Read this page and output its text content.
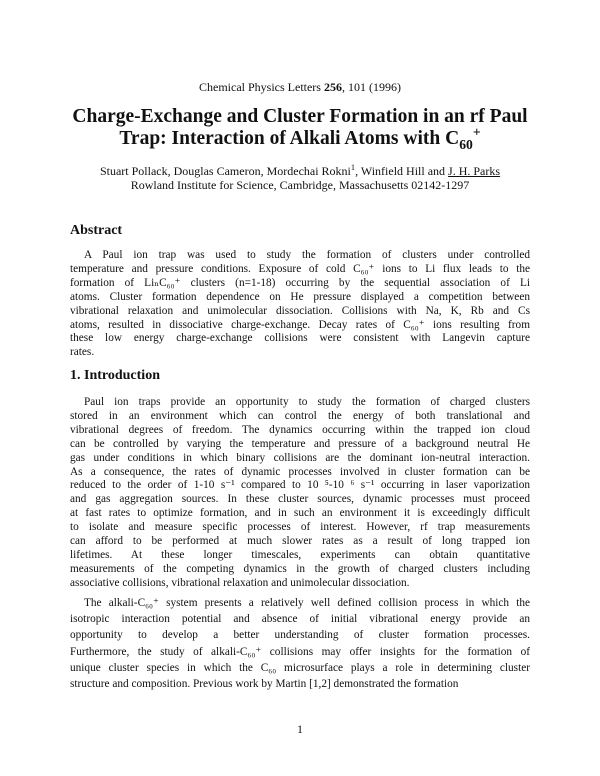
Chemical Physics Letters 256, 101 (1996)
Charge-Exchange and Cluster Formation in an rf Paul
Trap: Interaction of Alkali Atoms with $C_{60}^+$
Stuart Pollack, Douglas Cameron, Mordechai Rokni$^1$, Winfield Hill and J. H. Parks
Rowland Institute for Science, Cambridge, Massachusetts 02142-1297
Abstract
A Paul ion trap was used to study the formation of clusters under controlled
temperature and pressure conditions. Exposure of cold C₆₀⁺ ions to Li flux leads to the
formation of LiₙC₆₀⁺ clusters (n=1-18) occurring by the sequential association of Li
atoms. Cluster formation dependence on He pressure displayed a competition between
vibrational relaxation and unimolecular dissociation. Collisions with Na, K, Rb and Cs
atoms, resulted in dissociative charge-exchange. Decay rates of C₆₀⁺ ions resulting from
these low energy charge-exchange collisions were consistent with Langevin capture
rates.
1. Introduction
Paul ion traps provide an opportunity to study the formation of charged clusters
stored in an environment which can control the energy of both translational and
vibrational degrees of freedom. The dynamics occurring within the trapped ion cloud
can be controlled by varying the temperature and pressure of a background neutral He
gas under conditions in which binary collisions are the dominant ion-neutral interaction.
As a consequence, the rates of dynamic processes involved in cluster formation can be
reduced to the order of 1-10 s⁻¹ compared to 10 ⁵-10 ⁶ s⁻¹ occurring in laser vaporization
and gas aggregation sources. In these cluster sources, dynamic processes must proceed
at fast rates to optimize formation, and in such an environment it is exceedingly difficult
to isolate and measure specific processes of interest. However, rf trap measurements
can afford to be performed at much slower rates as a result of long trapped ion
lifetimes. At these longer timescales, experiments can obtain quantitative
measurements of the competing dynamics in the growth of charged clusters including
associative collisions, vibrational relaxation and unimolecular dissociation.
The alkali-C₆₀⁺ system presents a relatively well defined collision process in which the
isotropic interaction potential and absence of initial vibrational energy provide an
opportunity to develop a better understanding of cluster formation processes.
Furthermore, the study of alkali-C₆₀⁺ collisions may offer insights for the formation of
unique cluster species in which the C₆₀ microsurface plays a role in determining cluster
structure and composition. Previous work by Martin [1,2] demonstrated the formation
1
